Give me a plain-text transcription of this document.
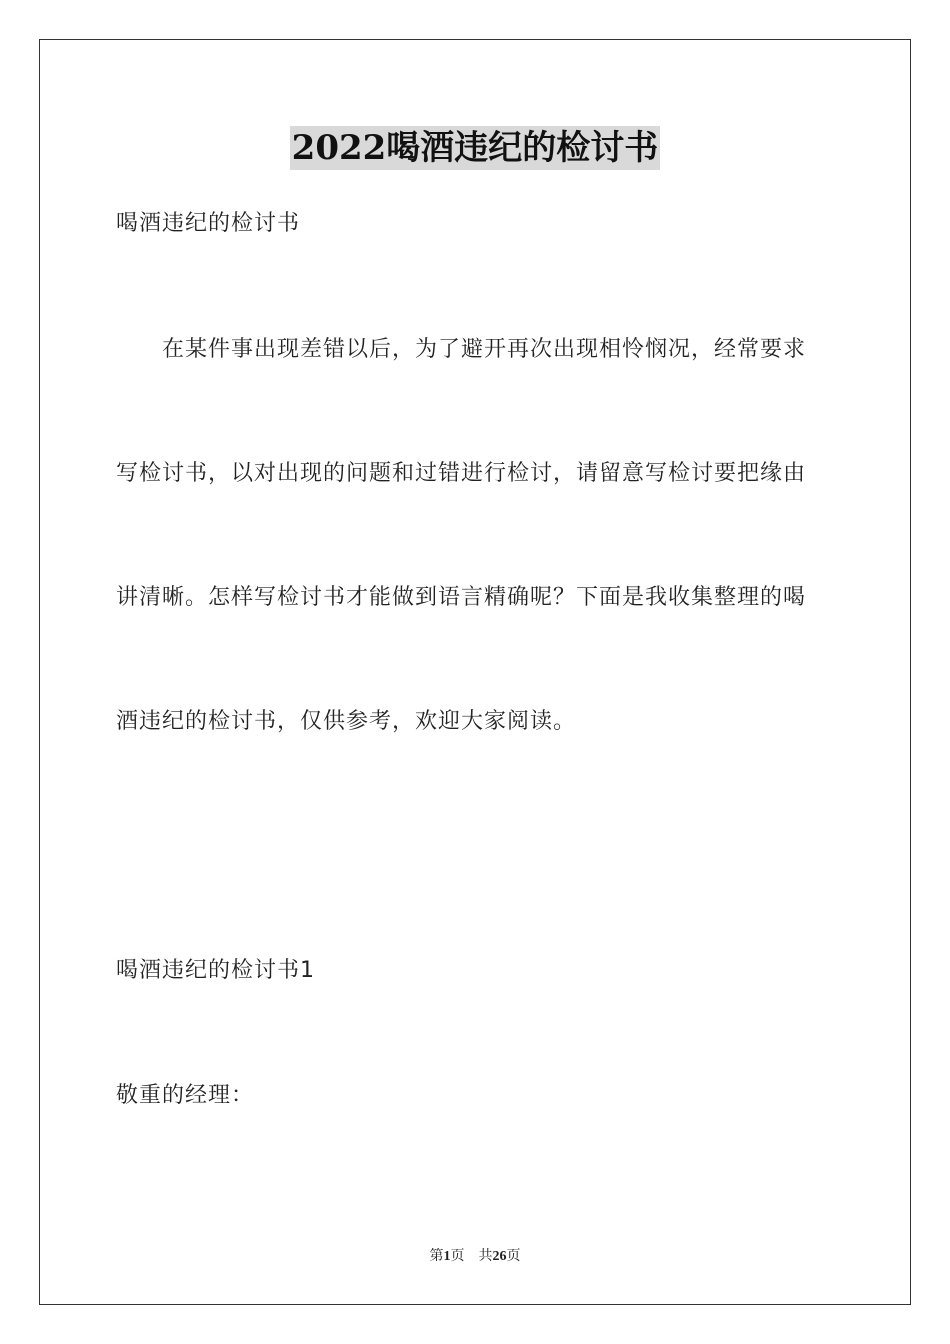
2022喝酒违纪的检讨书
喝酒违纪的检讨书
　　在某件事出现差错以后，为了避开再次出现相怜悯况，经常要求
写检讨书，以对出现的问题和过错进行检讨，请留意写检讨要把缘由
讲清晰。怎样写检讨书才能做到语言精确呢？下面是我收集整理的喝
酒违纪的检讨书，仅供参考，欢迎大家阅读。
喝酒违纪的检讨书1
敬重的经理：
第1页 共26页
